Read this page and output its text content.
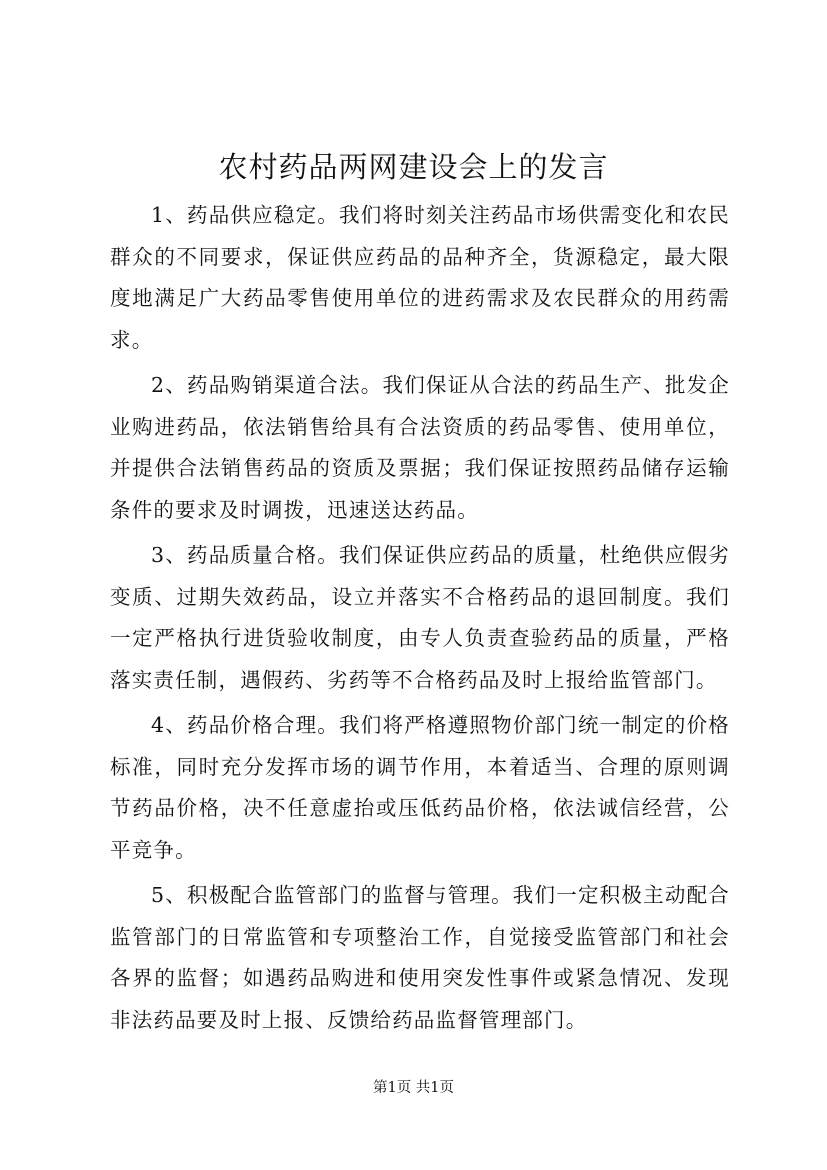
农村药品两网建设会上的发言

1、药品供应稳定。我们将时刻关注药品市场供需变化和农民群众的不同要求，保证供应药品的品种齐全，货源稳定，最大限度地满足广大药品零售使用单位的进药需求及农民群众的用药需求。

2、药品购销渠道合法。我们保证从合法的药品生产、批发企业购进药品，依法销售给具有合法资质的药品零售、使用单位，并提供合法销售药品的资质及票据；我们保证按照药品储存运输条件的要求及时调拨，迅速送达药品。

3、药品质量合格。我们保证供应药品的质量，杜绝供应假劣变质、过期失效药品，设立并落实不合格药品的退回制度。我们一定严格执行进货验收制度，由专人负责查验药品的质量，严格落实责任制，遇假药、劣药等不合格药品及时上报给监管部门。

4、药品价格合理。我们将严格遵照物价部门统一制定的价格标准，同时充分发挥市场的调节作用，本着适当、合理的原则调节药品价格，决不任意虚抬或压低药品价格，依法诚信经营，公平竞争。

5、积极配合监管部门的监督与管理。我们一定积极主动配合监管部门的日常监管和专项整治工作，自觉接受监管部门和社会各界的监督；如遇药品购进和使用突发性事件或紧急情况、发现非法药品要及时上报、反馈给药品监督管理部门。

第1页 共1页
